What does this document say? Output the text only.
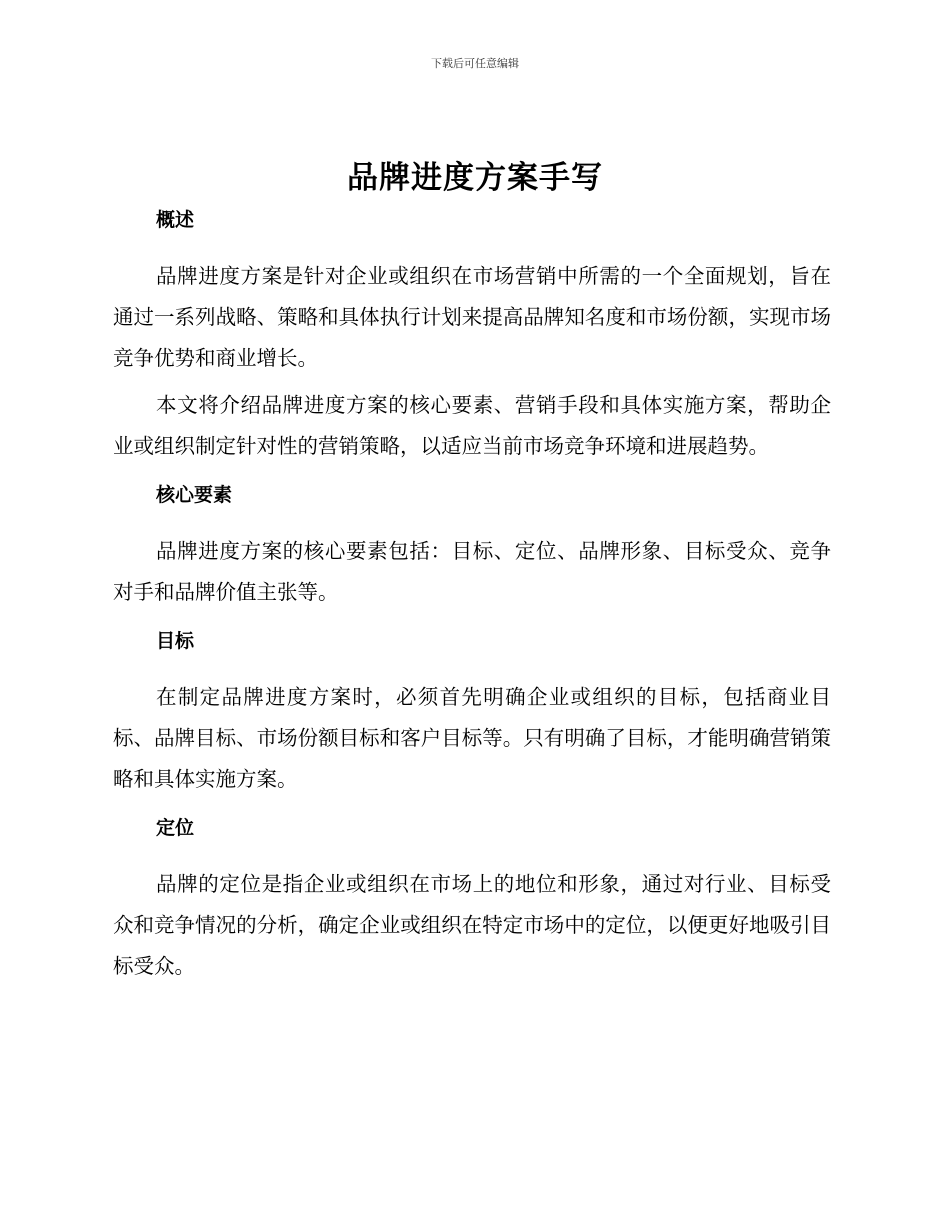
下载后可任意编辑
品牌进度方案手写
概述

品牌进度方案是针对企业或组织在市场营销中所需的一个全面规划，旨在通过一系列战略、策略和具体执行计划来提高品牌知名度和市场份额，实现市场竞争优势和商业增长。

本文将介绍品牌进度方案的核心要素、营销手段和具体实施方案，帮助企业或组织制定针对性的营销策略，以适应当前市场竞争环境和进展趋势。

核心要素

品牌进度方案的核心要素包括：目标、定位、品牌形象、目标受众、竞争对手和品牌价值主张等。

目标

在制定品牌进度方案时，必须首先明确企业或组织的目标，包括商业目标、品牌目标、市场份额目标和客户目标等。只有明确了目标，才能明确营销策略和具体实施方案。

定位

品牌的定位是指企业或组织在市场上的地位和形象，通过对行业、目标受众和竞争情况的分析，确定企业或组织在特定市场中的定位，以便更好地吸引目标受众。
